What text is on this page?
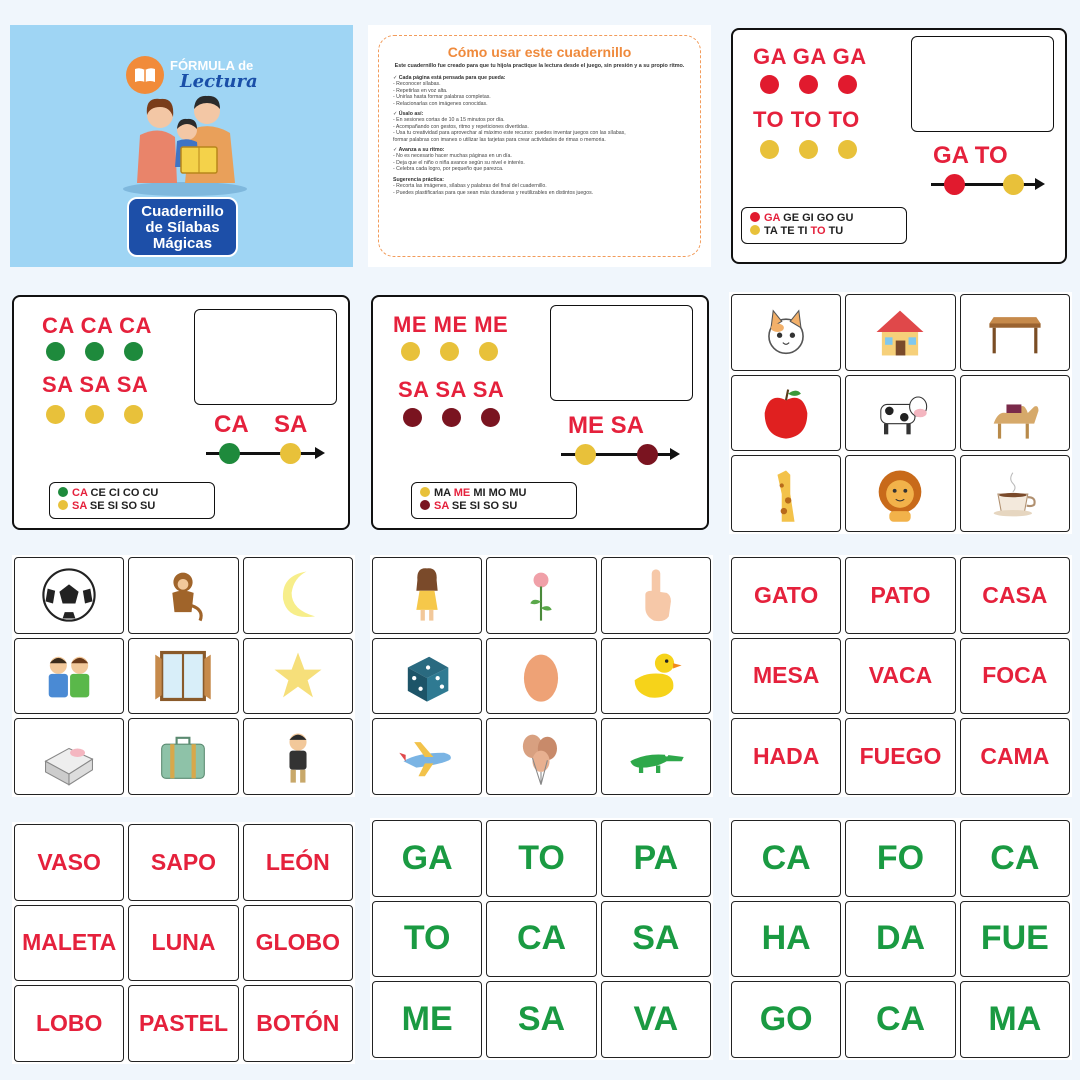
FÓRMULA de
Lectura
Cuadernillo
de Sílabas
Mágicas
Cómo usar este cuadernillo
Este cuadernillo fue creado para que tu hijo/a practique la lectura desde el juego, sin presión y a su propio ritmo.
✓ Cada página está pensada para que pueda:
- Reconocer sílabas.
- Repetirlas en voz alta.
- Unirlas hasta formar palabras completas.
- Relacionarlas con imágenes conocidas.
✓ Úsalo así:
- En sesiones cortas de 10 a 15 minutos por día.
- Acompañando con gestos, ritmo y repeticiones divertidas.
- Usa tu creatividad para aprovechar al máximo este recurso: puedes inventar juegos con las sílabas,
formar palabras con imanes o utilizar las tarjetas para crear actividades de rimas o memoria.
✓ Avanza a su ritmo:
- No es necesario hacer muchas páginas en un día.
- Deja que el niño o niña avance según su nivel e interés.
- Celebra cada logro, por pequeño que parezca.
Sugerencia práctica:
- Recorta las imágenes, sílabas y palabras del final del cuadernillo.
- Puedes plastificarlas para que sean más duraderas y reutilizables en distintos juegos.
GA GA GA
TO TO TO
GA TO
GA GE GI GO GU
TA TE TI TO TU
CA CA CA
SA SA SA
CA SA
CA CE CI CO CU
SA SE SI SO SU
ME ME ME
SA SA SA
ME SA
MA ME MI MO MU
SA SE SI SO SU
GATO	PATO	CASA
MESA	VACA	FOCA
HADA	FUEGO	CAMA
VASO	SAPO	LEÓN
MALETA	LUNA	GLOBO
LOBO	PASTEL	BOTÓN
GA	TO	PA
TO	CA	SA
ME	SA	VA
CA	FO	CA
HA	DA	FUE
GO	CA	MA
